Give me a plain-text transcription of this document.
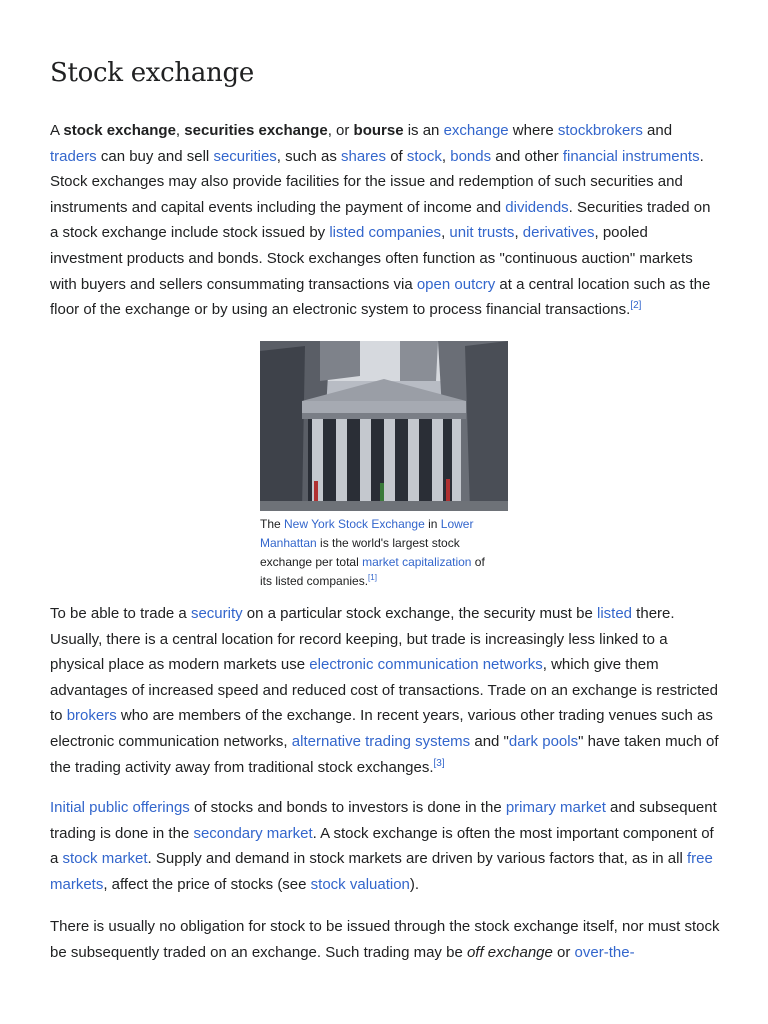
Stock exchange

A stock exchange, securities exchange, or bourse is an exchange where stockbrokers and traders can buy and sell securities, such as shares of stock, bonds and other financial instruments. Stock exchanges may also provide facilities for the issue and redemption of such securities and instruments and capital events including the payment of income and dividends. Securities traded on a stock exchange include stock issued by listed companies, unit trusts, derivatives, pooled investment products and bonds. Stock exchanges often function as "continuous auction" markets with buyers and sellers consummating transactions via open outcry at a central location such as the floor of the exchange or by using an electronic system to process financial transactions.[2]

The New York Stock Exchange in Lower Manhattan is the world's largest stock exchange per total market capitalization of its listed companies.[1]

To be able to trade a security on a particular stock exchange, the security must be listed there. Usually, there is a central location for record keeping, but trade is increasingly less linked to a physical place as modern markets use electronic communication networks, which give them advantages of increased speed and reduced cost of transactions. Trade on an exchange is restricted to brokers who are members of the exchange. In recent years, various other trading venues such as electronic communication networks, alternative trading systems and "dark pools" have taken much of the trading activity away from traditional stock exchanges.[3]

Initial public offerings of stocks and bonds to investors is done in the primary market and subsequent trading is done in the secondary market. A stock exchange is often the most important component of a stock market. Supply and demand in stock markets are driven by various factors that, as in all free markets, affect the price of stocks (see stock valuation).

There is usually no obligation for stock to be issued through the stock exchange itself, nor must stock be subsequently traded on an exchange. Such trading may be off exchange or over-the-
